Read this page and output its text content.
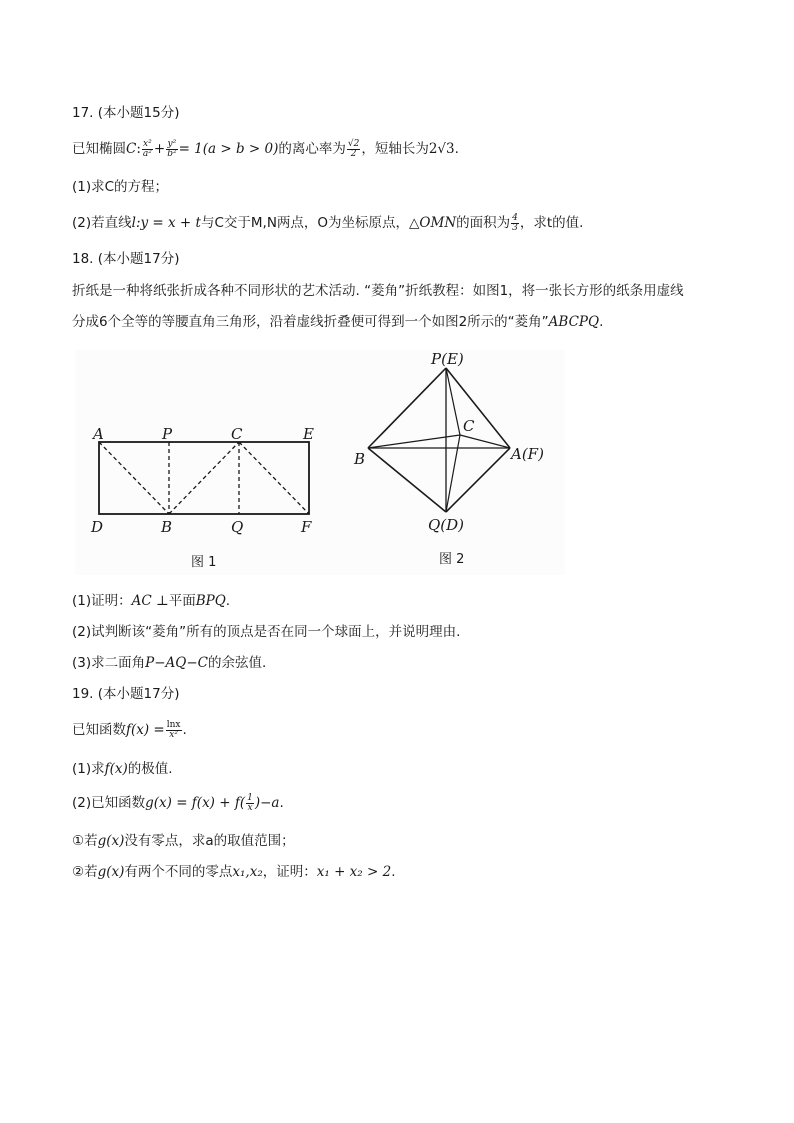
17. (本小题15分)
已知椭圆C: $\frac{\text{x²}}{\text{a²}} + \frac{\text{y²}}{\text{b²}} = 1(a > b > 0)$的离心率为 $\frac{√2}{2}$ ，短轴长为2√3.
(1)求C的方程；
(2)若直线l:y = x + t与C交于M,N两点，O为坐标原点，△OMN的面积为 $\frac{4}{3}$ ，求t的值.
18. (本小题17分)
折纸是一种将纸张折成各种不同形状的艺术活动. “菱角”折纸教程：如图1，将一张长方形的纸条用虚线
分成6个全等的等腰直角三角形，沿着虚线折叠便可得到一个如图2所示的“菱角”ABCPQ.
A	P	C	E
D	B	Q	F
图 1
P(E)
C
B	A(F)
Q(D)
图 2
(1)证明：AC ⊥平面BPQ.
(2)试判断该“菱角”所有的顶点是否在同一个球面上，并说明理由.
(3)求二面角P−AQ−C的余弦值.
19. (本小题17分)
已知函数$f(x) = \frac{\ln x}{\text{x²}}$ .
(1)求f(x)的极值.
(2)已知函数$g(x) = f(x) + f( \frac{1}{x} )-a$.
①若g(x)没有零点，求a的取值范围；
②若g(x)有两个不同的零点x₁,x₂，证明：x₁ + x₂ > 2.
